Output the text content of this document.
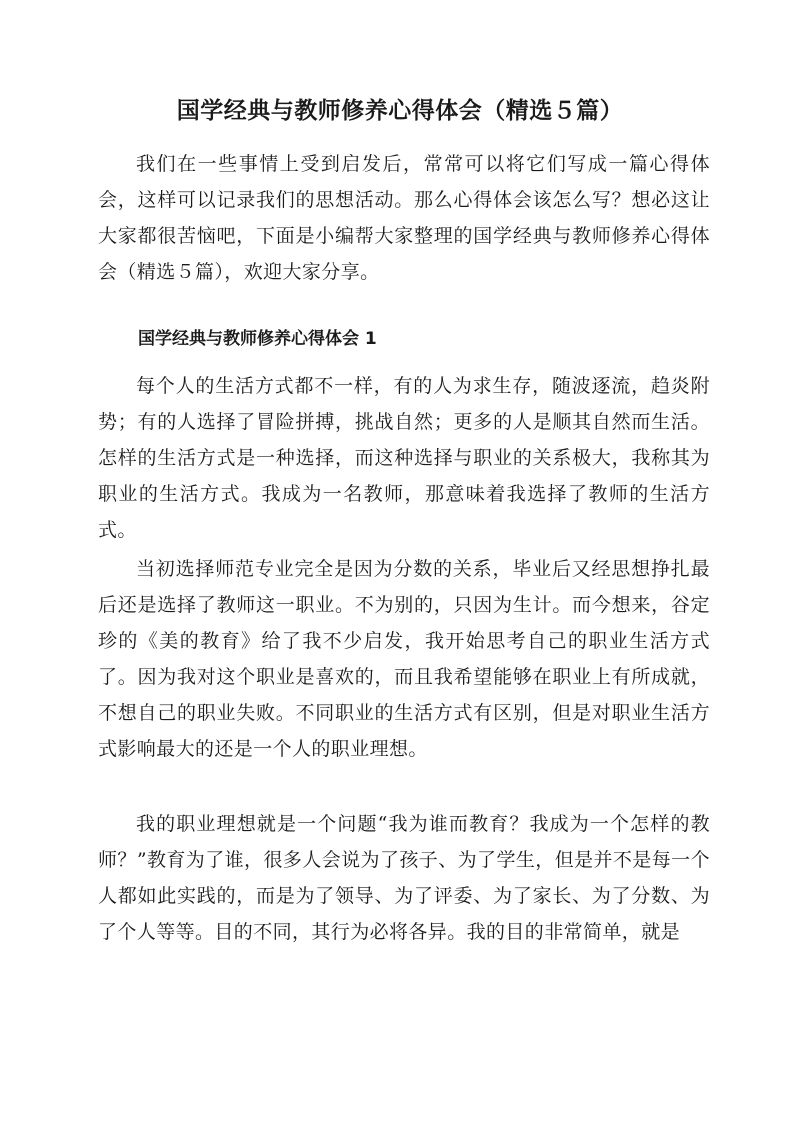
国学经典与教师修养心得体会（精选５篇）

我们在一些事情上受到启发后，常常可以将它们写成一篇心得体会，这样可以记录我们的思想活动。那么心得体会该怎么写？想必这让大家都很苦恼吧，下面是小编帮大家整理的国学经典与教师修养心得体会（精选５篇），欢迎大家分享。

国学经典与教师修养心得体会 1

每个人的生活方式都不一样，有的人为求生存，随波逐流，趋炎附势；有的人选择了冒险拼搏，挑战自然；更多的人是顺其自然而生活。怎样的生活方式是一种选择，而这种选择与职业的关系极大，我称其为职业的生活方式。我成为一名教师，那意味着我选择了教师的生活方式。

当初选择师范专业完全是因为分数的关系，毕业后又经思想挣扎最后还是选择了教师这一职业。不为别的，只因为生计。而今想来，谷定珍的《美的教育》给了我不少启发，我开始思考自己的职业生活方式了。因为我对这个职业是喜欢的，而且我希望能够在职业上有所成就，不想自己的职业失败。不同职业的生活方式有区别，但是对职业生活方式影响最大的还是一个人的职业理想。

我的职业理想就是一个问题“我为谁而教育？我成为一个怎样的教师？”教育为了谁，很多人会说为了孩子、为了学生，但是并不是每一个人都如此实践的，而是为了领导、为了评委、为了家长、为了分数、为了个人等等。目的不同，其行为必将各异。我的目的非常简单，就是
